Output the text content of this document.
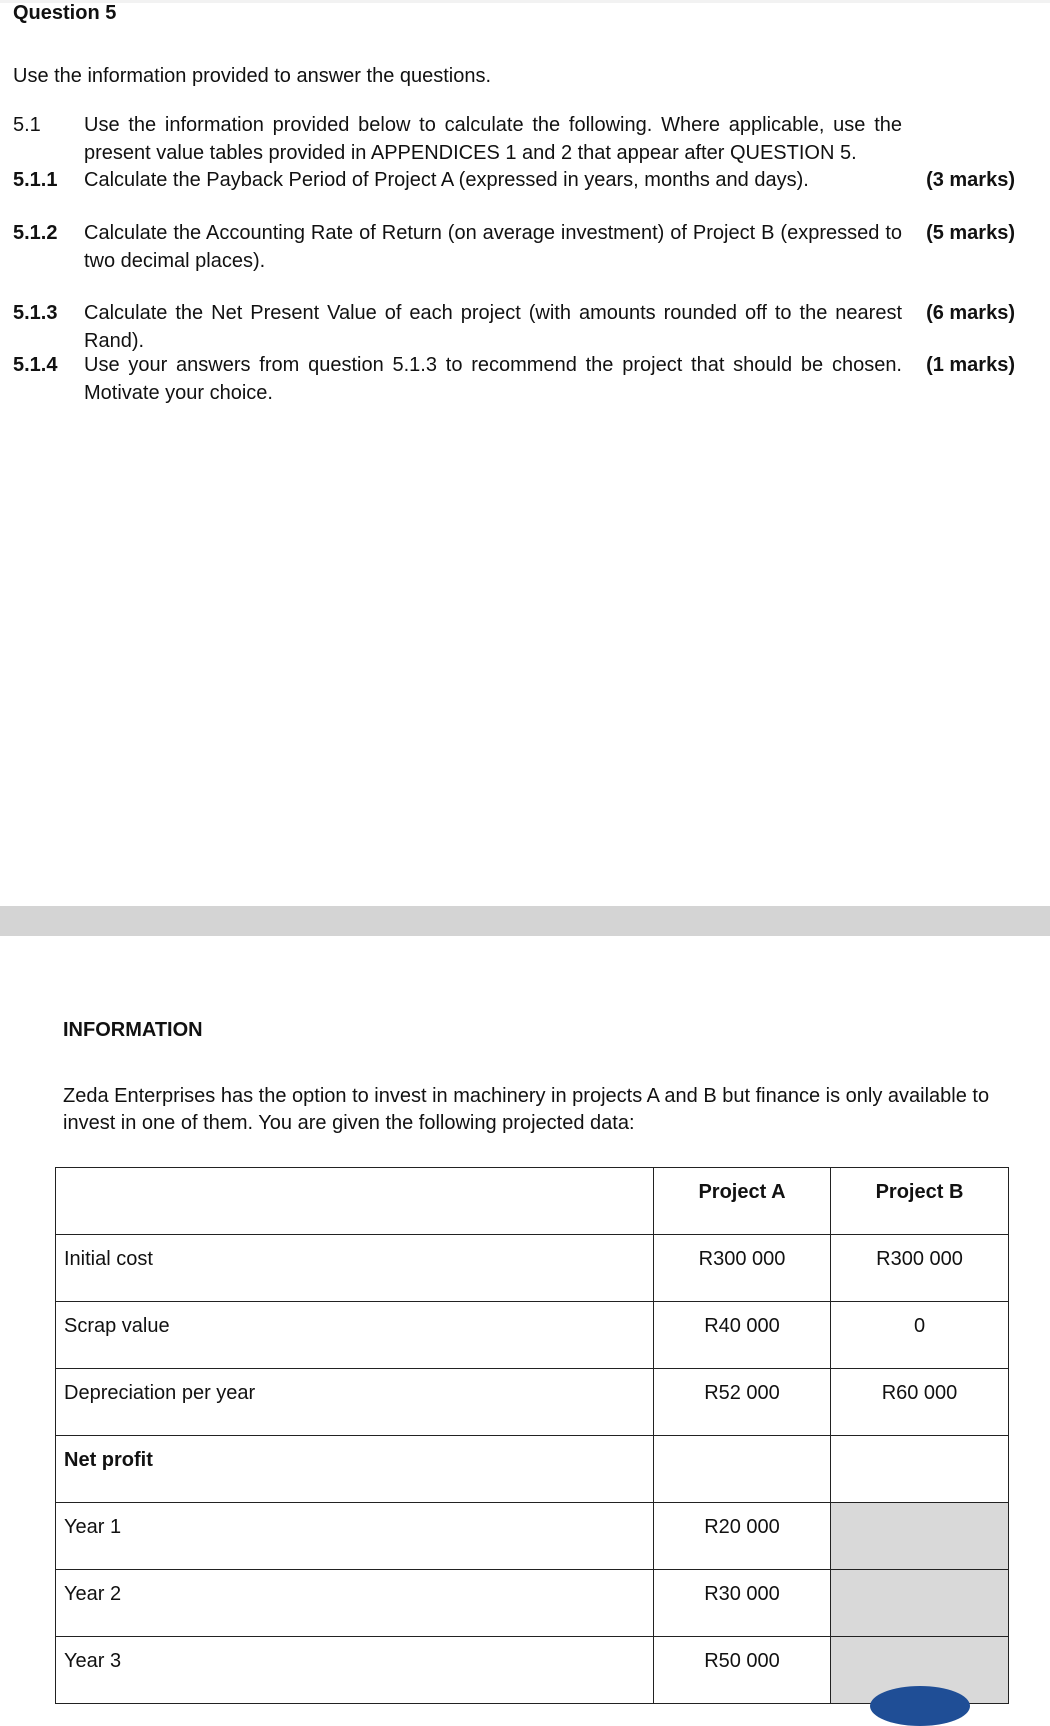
Question 5
Use the information provided to answer the questions.
5.1	Use the information provided below to calculate the following. Where applicable, use the present value tables provided in APPENDICES 1 and 2 that appear after QUESTION 5.
5.1.1	Calculate the Payback Period of Project A (expressed in years, months and days).	(3 marks)
5.1.2	Calculate the Accounting Rate of Return (on average investment) of Project B (expressed to two decimal places).
(5 marks)
5.1.3	Calculate the Net Present Value of each project (with amounts rounded off to the nearest Rand).
(6 marks)
5.1.4	Use your answers from question 5.1.3 to recommend the project that should be chosen. Motivate your choice.
(1 marks)
INFORMATION
Zeda Enterprises has the option to invest in machinery in projects A and B but finance is only available to invest in one of them. You are given the following projected data:
	Project A	Project B
Initial cost	R300 000	R300 000
Scrap value	R40 000	0
Depreciation per year	R52 000	R60 000
Net profit		
Year 1	R20 000	
Year 2	R30 000	
Year 3	R50 000	
